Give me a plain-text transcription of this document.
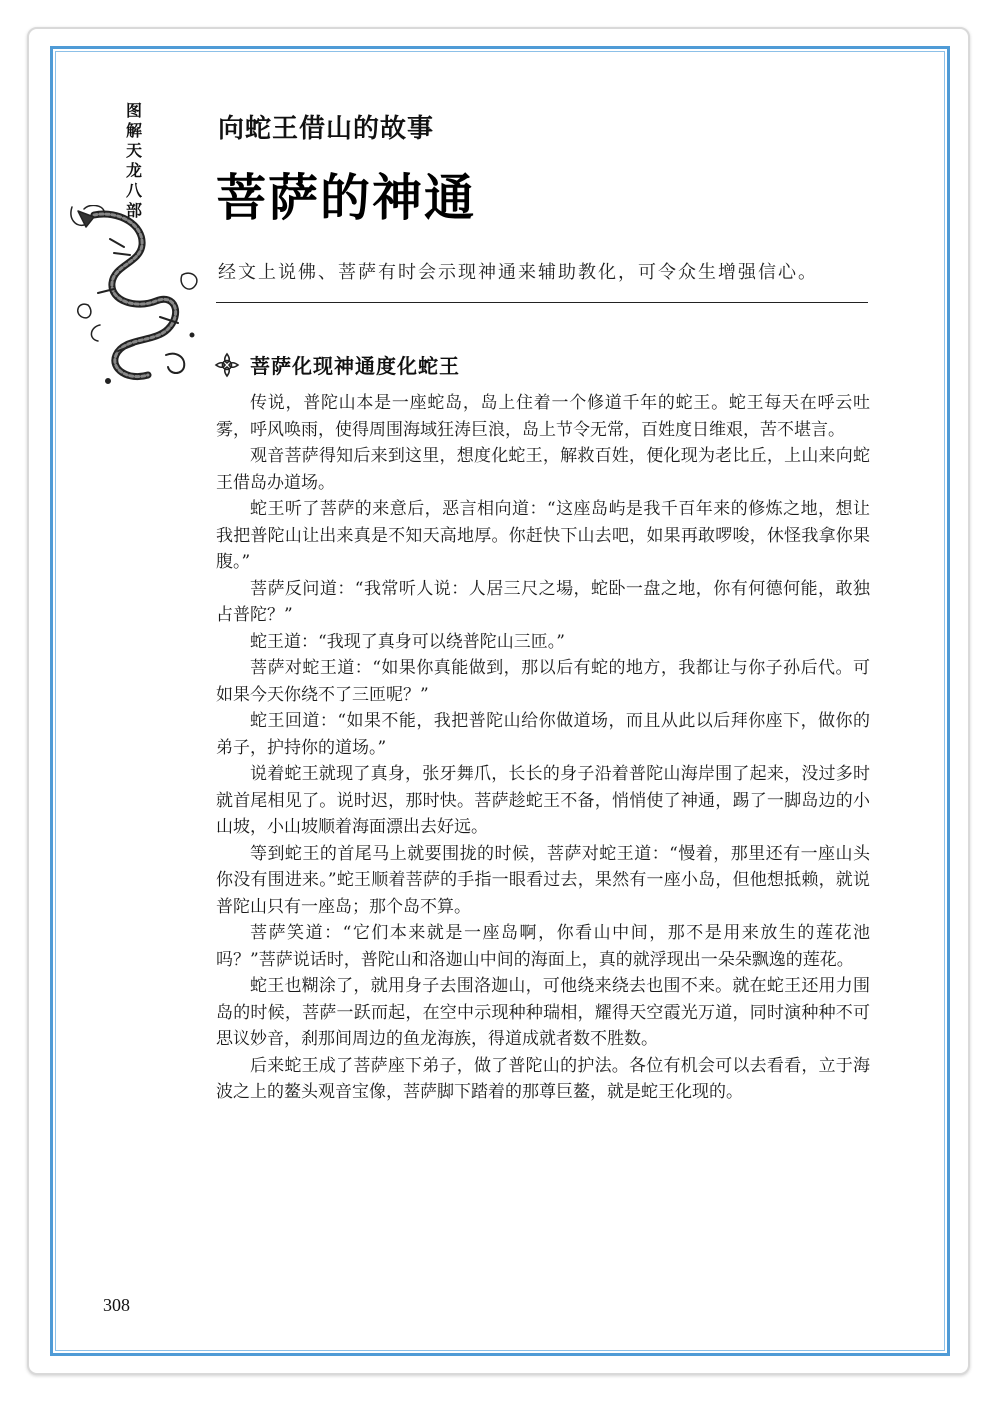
图
解
天
龙
八
部
向蛇王借山的故事
菩萨的神通

经文上说佛、菩萨有时会示现神通来辅助教化，可令众生增强信心。

菩萨化现神通度化蛇王

传说，普陀山本是一座蛇岛，岛上住着一个修道千年的蛇王。蛇王每天在呼云吐雾，呼风唤雨，使得周围海域狂涛巨浪，岛上节令无常，百姓度日维艰，苦不堪言。

观音菩萨得知后来到这里，想度化蛇王，解救百姓，便化现为老比丘，上山来向蛇王借岛办道场。

蛇王听了菩萨的来意后，恶言相向道：“这座岛屿是我千百年来的修炼之地，想让我把普陀山让出来真是不知天高地厚。你赶快下山去吧，如果再敢啰唆，休怪我拿你果腹。”

菩萨反问道：“我常听人说：人居三尺之場，蛇卧一盘之地，你有何德何能，敢独占普陀？”

蛇王道：“我现了真身可以绕普陀山三匝。”

菩萨对蛇王道：“如果你真能做到，那以后有蛇的地方，我都让与你子孙后代。可如果今天你绕不了三匝呢？”

蛇王回道：“如果不能，我把普陀山给你做道场，而且从此以后拜你座下，做你的弟子，护持你的道场。”

说着蛇王就现了真身，张牙舞爪，长长的身子沿着普陀山海岸围了起来，没过多时就首尾相见了。说时迟，那时快。菩萨趁蛇王不备，悄悄使了神通，踢了一脚岛边的小山坡，小山坡顺着海面漂出去好远。

等到蛇王的首尾马上就要围拢的时候，菩萨对蛇王道：“慢着，那里还有一座山头你没有围进来。”蛇王顺着菩萨的手指一眼看过去，果然有一座小岛，但他想抵赖，就说普陀山只有一座岛；那个岛不算。

菩萨笑道：“它们本来就是一座岛啊，你看山中间，那不是用来放生的莲花池吗？”菩萨说话时，普陀山和洛迦山中间的海面上，真的就浮现出一朵朵飘逸的莲花。

蛇王也糊涂了，就用身子去围洛迦山，可他绕来绕去也围不来。就在蛇王还用力围岛的时候，菩萨一跃而起，在空中示现种种瑞相，耀得天空霞光万道，同时演种种不可思议妙音，刹那间周边的鱼龙海族，得道成就者数不胜数。

后来蛇王成了菩萨座下弟子，做了普陀山的护法。各位有机会可以去看看，立于海波之上的鳌头观音宝像，菩萨脚下踏着的那尊巨鳌，就是蛇王化现的。

308
